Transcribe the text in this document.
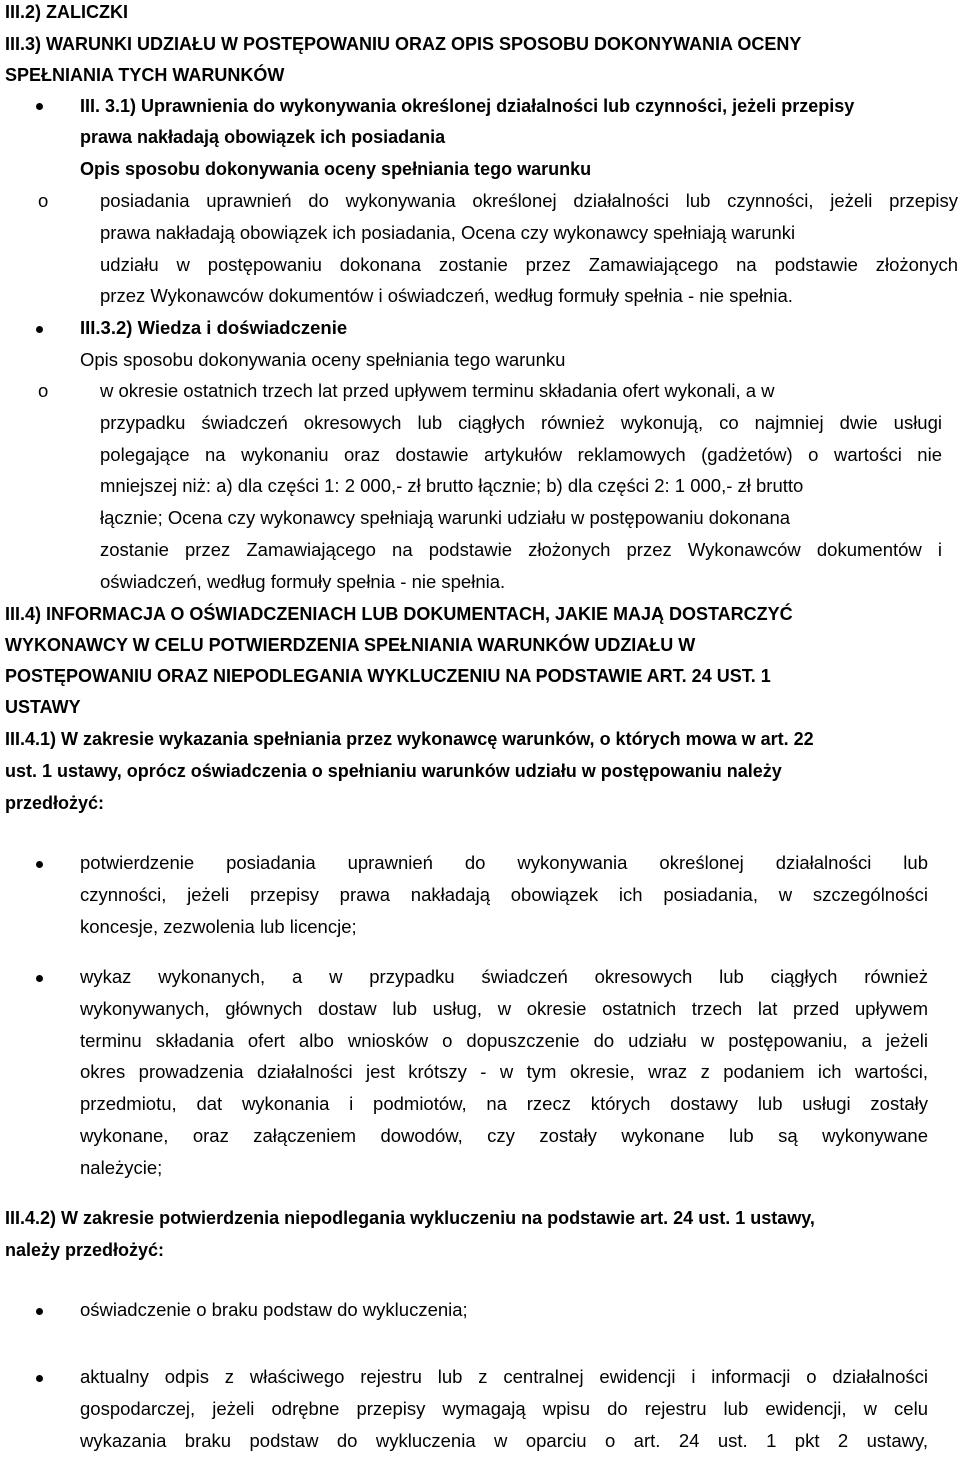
III.2) ZALICZKI
III.3) WARUNKI UDZIAŁU W POSTĘPOWANIU ORAZ OPIS SPOSOBU DOKONYWANIA OCENY
SPEŁNIANIA TYCH WARUNKÓW
III. 3.1) Uprawnienia do wykonywania określonej działalności lub czynności, jeżeli przepisy
prawa nakładają obowiązek ich posiadania
Opis sposobu dokonywania oceny spełniania tego warunku
o	posiadania uprawnień do wykonywania określonej działalności lub czynności, jeżeli przepisy
prawa nakładają obowiązek ich posiadania, Ocena czy wykonawcy spełniają warunki
udziału w postępowaniu dokonana zostanie przez Zamawiającego na podstawie złożonych
przez Wykonawców dokumentów i oświadczeń, według formuły spełnia - nie spełnia.
III.3.2) Wiedza i doświadczenie
Opis sposobu dokonywania oceny spełniania tego warunku
o	w okresie ostatnich trzech lat przed upływem terminu składania ofert wykonali, a w
przypadku świadczeń okresowych lub ciągłych również wykonują, co najmniej dwie usługi
polegające na wykonaniu oraz dostawie artykułów reklamowych (gadżetów) o wartości nie
mniejszej niż: a) dla części 1: 2 000,- zł brutto łącznie; b) dla części 2: 1 000,- zł brutto
łącznie; Ocena czy wykonawcy spełniają warunki udziału w postępowaniu dokonana
zostanie przez Zamawiającego na podstawie złożonych przez Wykonawców dokumentów i
oświadczeń, według formuły spełnia - nie spełnia.
III.4) INFORMACJA O OŚWIADCZENIACH LUB DOKUMENTACH, JAKIE MAJĄ DOSTARCZYĆ
WYKONAWCY W CELU POTWIERDZENIA SPEŁNIANIA WARUNKÓW UDZIAŁU W
POSTĘPOWANIU ORAZ NIEPODLEGANIA WYKLUCZENIU NA PODSTAWIE ART. 24 UST. 1
USTAWY
III.4.1) W zakresie wykazania spełniania przez wykonawcę warunków, o których mowa w art. 22
ust. 1 ustawy, oprócz oświadczenia o spełnianiu warunków udziału w postępowaniu należy
przedłożyć:
potwierdzenie posiadania uprawnień do wykonywania określonej działalności lub
czynności, jeżeli przepisy prawa nakładają obowiązek ich posiadania, w szczególności
koncesje, zezwolenia lub licencje;
wykaz wykonanych, a w przypadku świadczeń okresowych lub ciągłych również
wykonywanych, głównych dostaw lub usług, w okresie ostatnich trzech lat przed upływem
terminu składania ofert albo wniosków o dopuszczenie do udziału w postępowaniu, a jeżeli
okres prowadzenia działalności jest krótszy - w tym okresie, wraz z podaniem ich wartości,
przedmiotu, dat wykonania i podmiotów, na rzecz których dostawy lub usługi zostały
wykonane, oraz załączeniem dowodów, czy zostały wykonane lub są wykonywane
należycie;
III.4.2) W zakresie potwierdzenia niepodlegania wykluczeniu na podstawie art. 24 ust. 1 ustawy,
należy przedłożyć:
oświadczenie o braku podstaw do wykluczenia;
aktualny odpis z właściwego rejestru lub z centralnej ewidencji i informacji o działalności
gospodarczej, jeżeli odrębne przepisy wymagają wpisu do rejestru lub ewidencji, w celu
wykazania braku podstaw do wykluczenia w oparciu o art. 24 ust. 1 pkt 2 ustawy,
